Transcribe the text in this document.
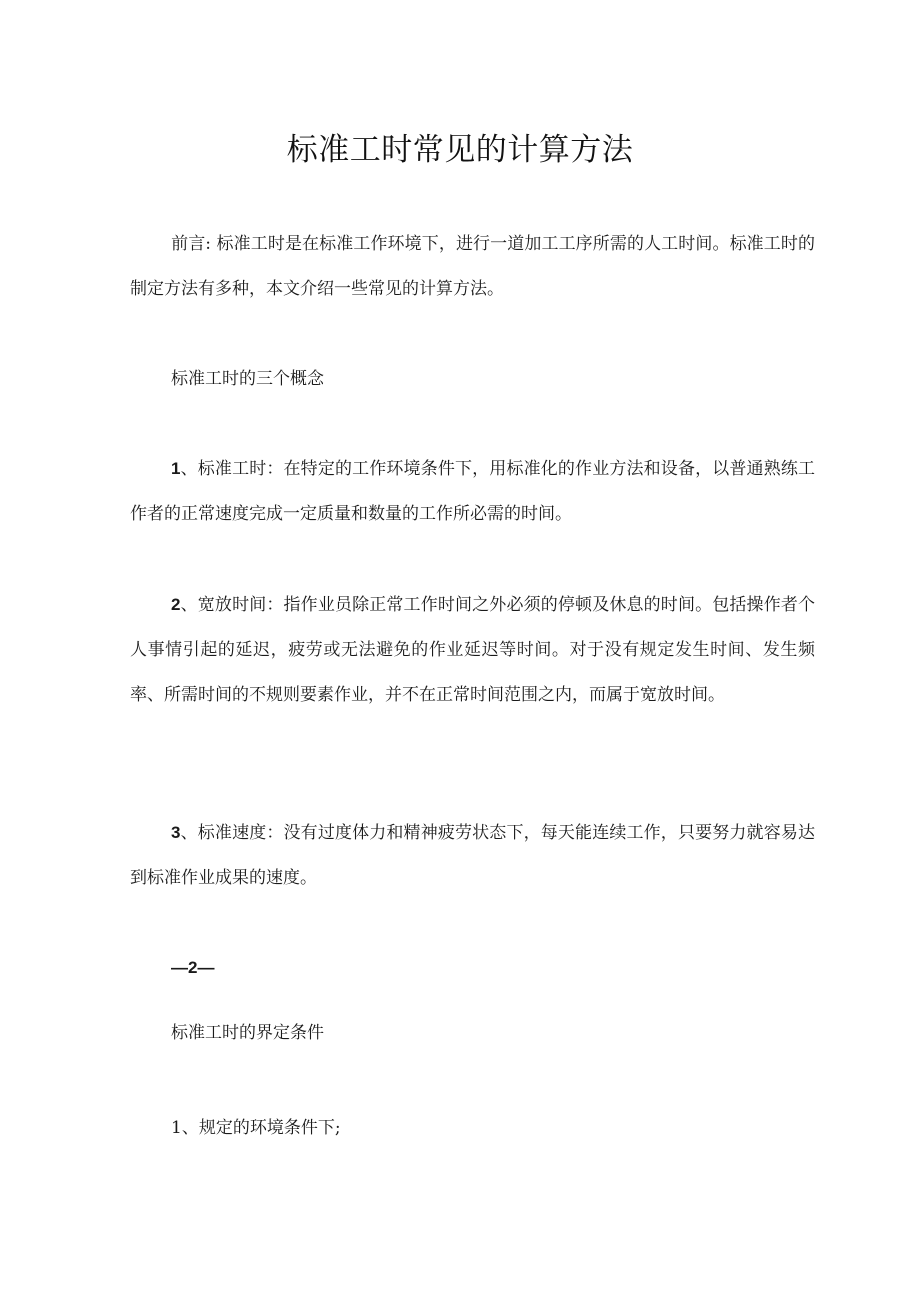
标准工时常见的计算方法

前言: 标准工时是在标准工作环境下，进行一道加工工序所需的人工时间。标准工时的制定方法有多种，本文介绍一些常见的计算方法。

标准工时的三个概念

1、标准工时：在特定的工作环境条件下，用标准化的作业方法和设备，以普通熟练工作者的正常速度完成一定质量和数量的工作所必需的时间。

2、宽放时间：指作业员除正常工作时间之外必须的停顿及休息的时间。包括操作者个人事情引起的延迟，疲劳或无法避免的作业延迟等时间。对于没有规定发生时间、发生频率、所需时间的不规则要素作业，并不在正常时间范围之内，而属于宽放时间。

3、标准速度：没有过度体力和精神疲劳状态下，每天能连续工作，只要努力就容易达到标准作业成果的速度。

—2—
标准工时的界定条件
1、规定的环境条件下;
